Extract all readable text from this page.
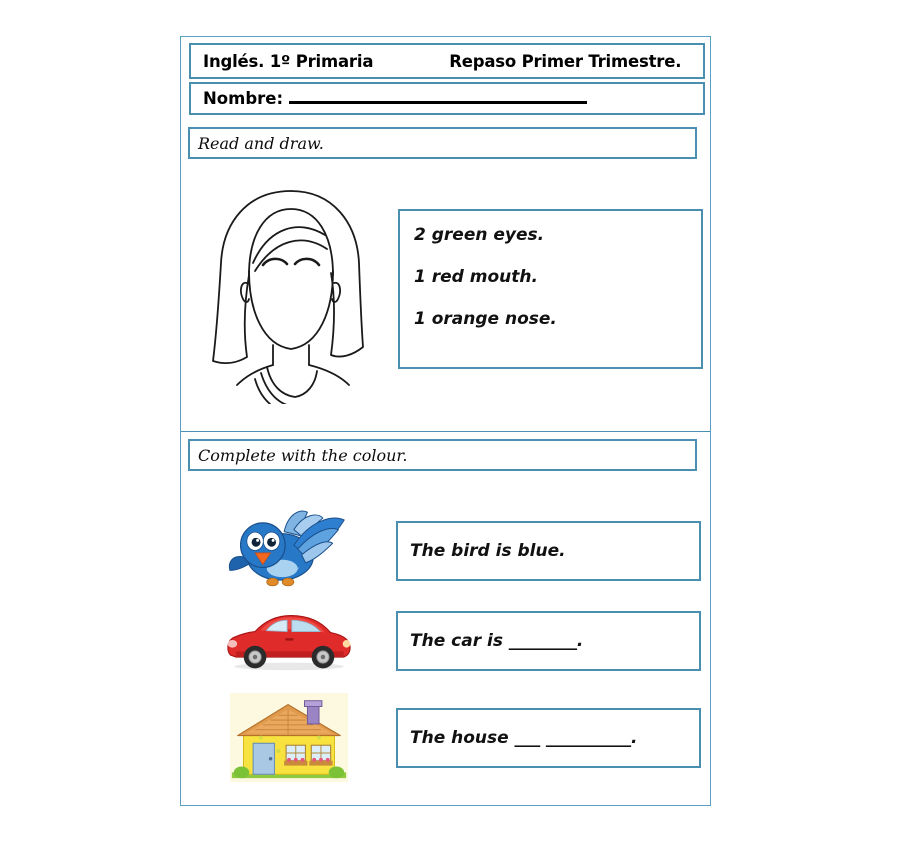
Inglés. 1º Primaria	Repaso Primer Trimestre.
Nombre:
Read and draw.
2 green eyes.
1 red mouth.
1 orange nose.
Complete with the colour.
The bird is blue.
The car is ________.
The house ___ __________.
